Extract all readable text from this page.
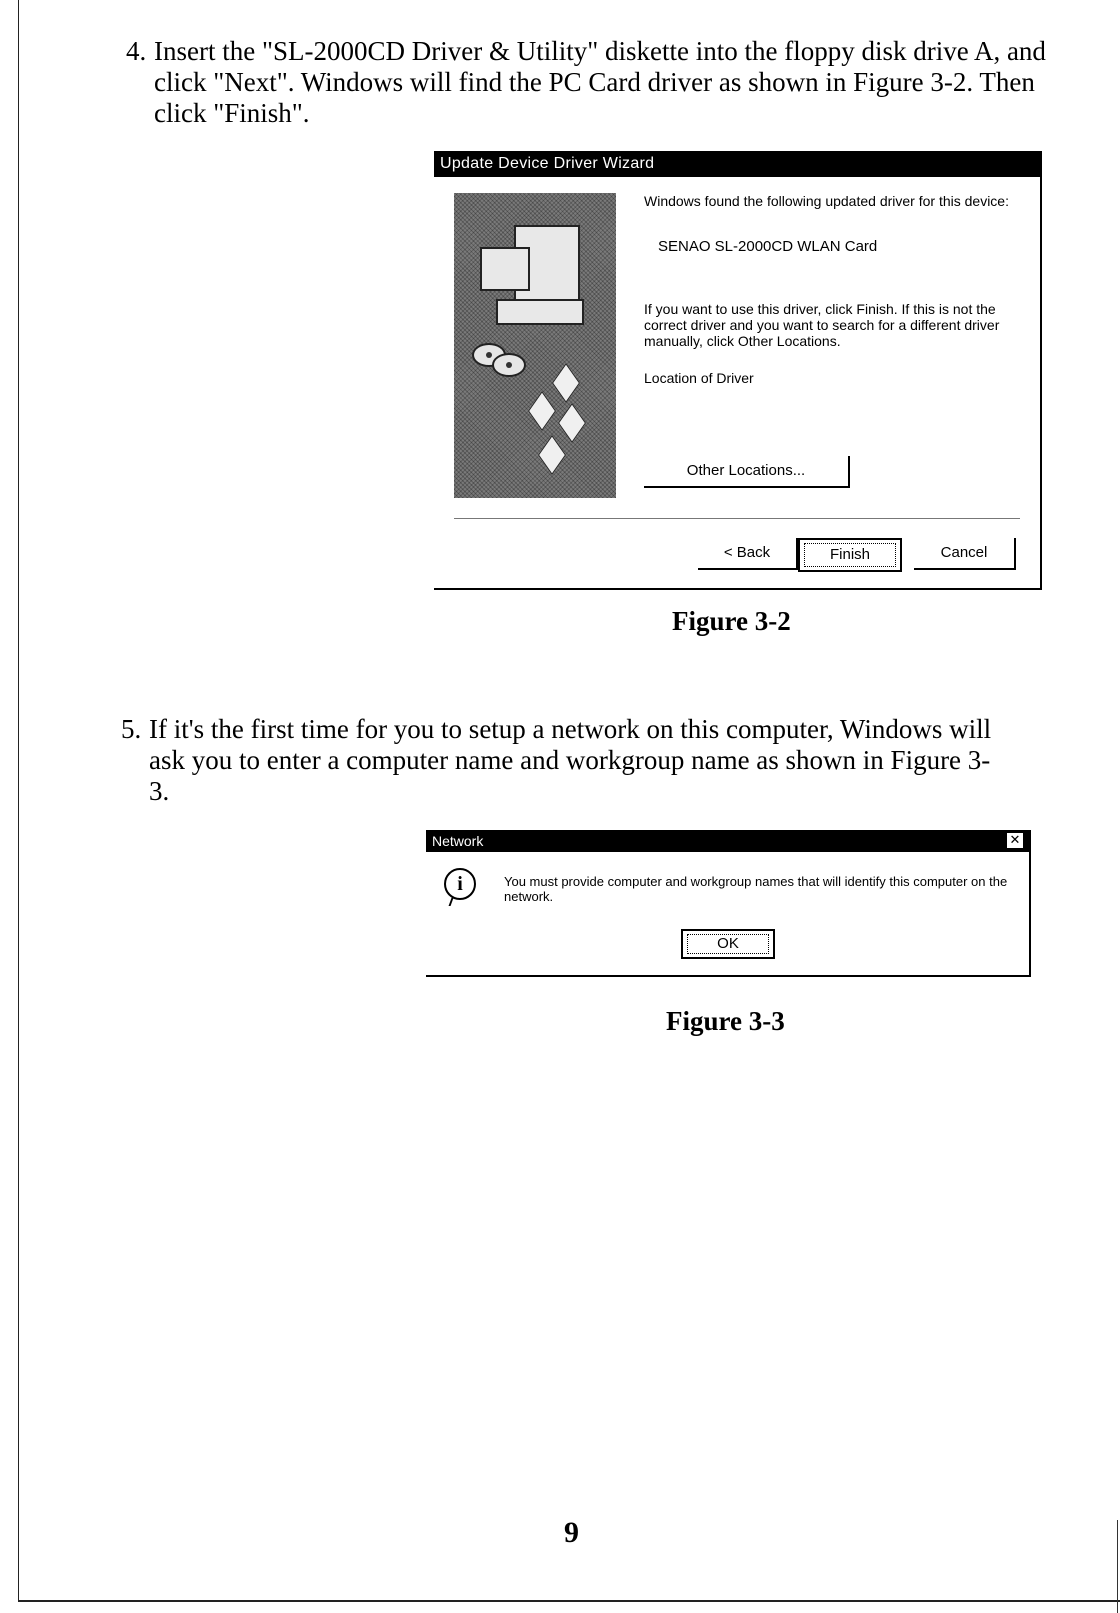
4. Insert the "SL-2000CD Driver & Utility" diskette into the floppy disk drive A, and click "Next". Windows will find the PC Card driver as shown in Figure 3-2. Then click "Finish".
Update Device Driver Wizard
Windows found the following updated driver for this device:
SENAO SL-2000CD WLAN Card
If you want to use this driver, click Finish. If this is not the correct driver and you want to search for a different driver manually, click Other Locations.
Location of Driver
Other Locations...
< Back	Finish	Cancel
Figure 3-2
5. If it's the first time for you to setup a network on this computer, Windows will ask you to enter a computer name and workgroup name as shown in Figure 3-3.
Network	✕
i	You must provide computer and workgroup names that will identify this computer on the network.
OK
Figure 3-3
9
